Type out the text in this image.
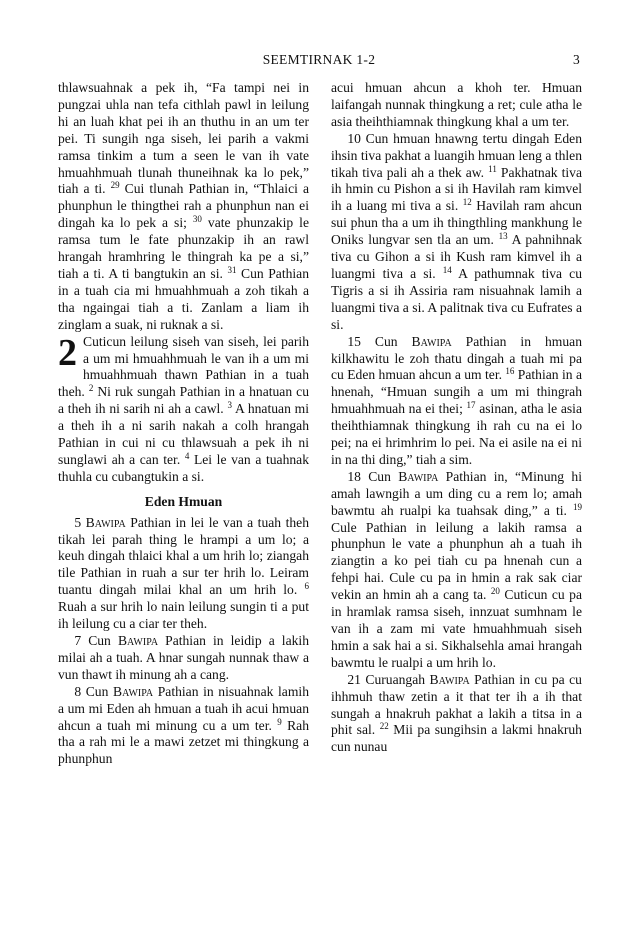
SEEMTIRNAK 1-2	3

thlawsuahnak a pek ih, “Fa tampi nei in pungzai uhla nan tefa cithlah pawl in leilung hi an luah khat pei ih an thuthu in an um ter pei. Ti sungih nga siseh, lei parih a vakmi ramsa tinkim a tum a seen le van ih vate hmuahhmuah tlunah thuneihnak ka lo pek,” tiah a ti. $^{29}$ Cui tlunah Pathian in, “Thlaici a phunphun le thingthei rah a phunphun nan ei dingah ka lo pek a si; $^{30}$ vate phunzakip le ramsa tum le fate phunzakip ih an rawl hrangah hramhring le thingrah ka pe a si,” tiah a ti. A ti bangtukin an si. $^{31}$ Cun Pathian in a tuah cia mi hmuahhmuah a zoh tikah a tha ngaingai tiah a ti. Zanlam a liam ih zinglam a suak, ni ruknak a si.

2 Cuticun leilung siseh van siseh, lei parih a um mi hmuahhmuah le van ih a um mi hmuahhmuah thawn Pathian in a tuah theh. $^2$ Ni ruk sungah Pathian in a hnatuan cu a theh ih ni sarih ni ah a cawl. $^3$ A hnatuan mi a theh ih a ni sarih nakah a colh hrangah Pathian in cui ni cu thlawsuah a pek ih ni sunglawi ah a can ter. $^4$ Lei le van a tuahnak thuhla cu cubangtukin a si.

Eden Hmuan

5 Bawipa Pathian in lei le van a tuah theh tikah lei parah thing le hrampi a um lo; a keuh dingah thlaici khal a um hrih lo; ziangah tile Pathian in ruah a sur ter hrih lo. Leiram tuantu dingah milai khal an um hrih lo. $^6$ Ruah a sur hrih lo nain leilung sungin ti a put ih leilung cu a ciar ter theh.

7 Cun Bawipa Pathian in leidip a lakih milai ah a tuah. A hnar sungah nunnak thaw a vun thawt ih minung ah a cang.

8 Cun Bawipa Pathian in nisuahnak lamih a um mi Eden ah hmuan a tuah ih acui hmuan ahcun a tuah mi minung cu a um ter. $^9$ Rah tha a rah mi le a mawi zetzet mi thingkung a phunphun

acui hmuan ahcun a khoh ter. Hmuan laifangah nunnak thingkung a ret; cule atha le asia theihthiamnak thingkung khal a um ter.

10 Cun hmuan hnawng tertu dingah Eden ihsin tiva pakhat a luangih hmuan leng a thlen tikah tiva pali ah a thek aw. $^{11}$ Pakhatnak tiva ih hmin cu Pishon a si ih Havilah ram kimvel ih a luang mi tiva a si. $^{12}$ Havilah ram ahcun sui phun tha a um ih thingthling mankhung le Oniks lungvar sen tla an um. $^{13}$ A pahnihnak tiva cu Gihon a si ih Kush ram kimvel ih a luangmi tiva a si. $^{14}$ A pathumnak tiva cu Tigris a si ih Assiria ram nisuahnak lamih a luangmi tiva a si. A palitnak tiva cu Eufrates a si.

15 Cun Bawipa Pathian in hmuan kilkhawitu le zoh thatu dingah a tuah mi pa cu Eden hmuan ahcun a um ter. $^{16}$ Pathian in a hnenah, “Hmuan sungih a um mi thingrah hmuahhmuah na ei thei; $^{17}$ asinan, atha le asia theihthiamnak thingkung ih rah cu na ei lo pei; na ei hrimhrim lo pei. Na ei asile na ei ni in na thi ding,” tiah a sim.

18 Cun Bawipa Pathian in, “Minung hi amah lawngih a um ding cu a rem lo; amah bawmtu ah rualpi ka tuahsak ding,” a ti. $^{19}$ Cule Pathian in leilung a lakih ramsa a phunphun le vate a phunphun ah a tuah ih ziangtin a ko pei tiah cu pa hnenah cun a fehpi hai. Cule cu pa in hmin a rak sak ciar vekin an hmin ah a cang ta. $^{20}$ Cuticun cu pa in hramlak ramsa siseh, innzuat sumhnam le van ih a zam mi vate hmuahhmuah siseh hmin a sak hai a si. Sikhalsehla amai hrangah bawmtu le rualpi a um hrih lo.

21 Curuangah Bawipa Pathian in cu pa cu ihhmuh thaw zetin a it that ter ih a ih that sungah a hnakruh pakhat a lakih a titsa in a phit sal. $^{22}$ Mii pa sungihsin a lakmi hnakruh cun nunau
